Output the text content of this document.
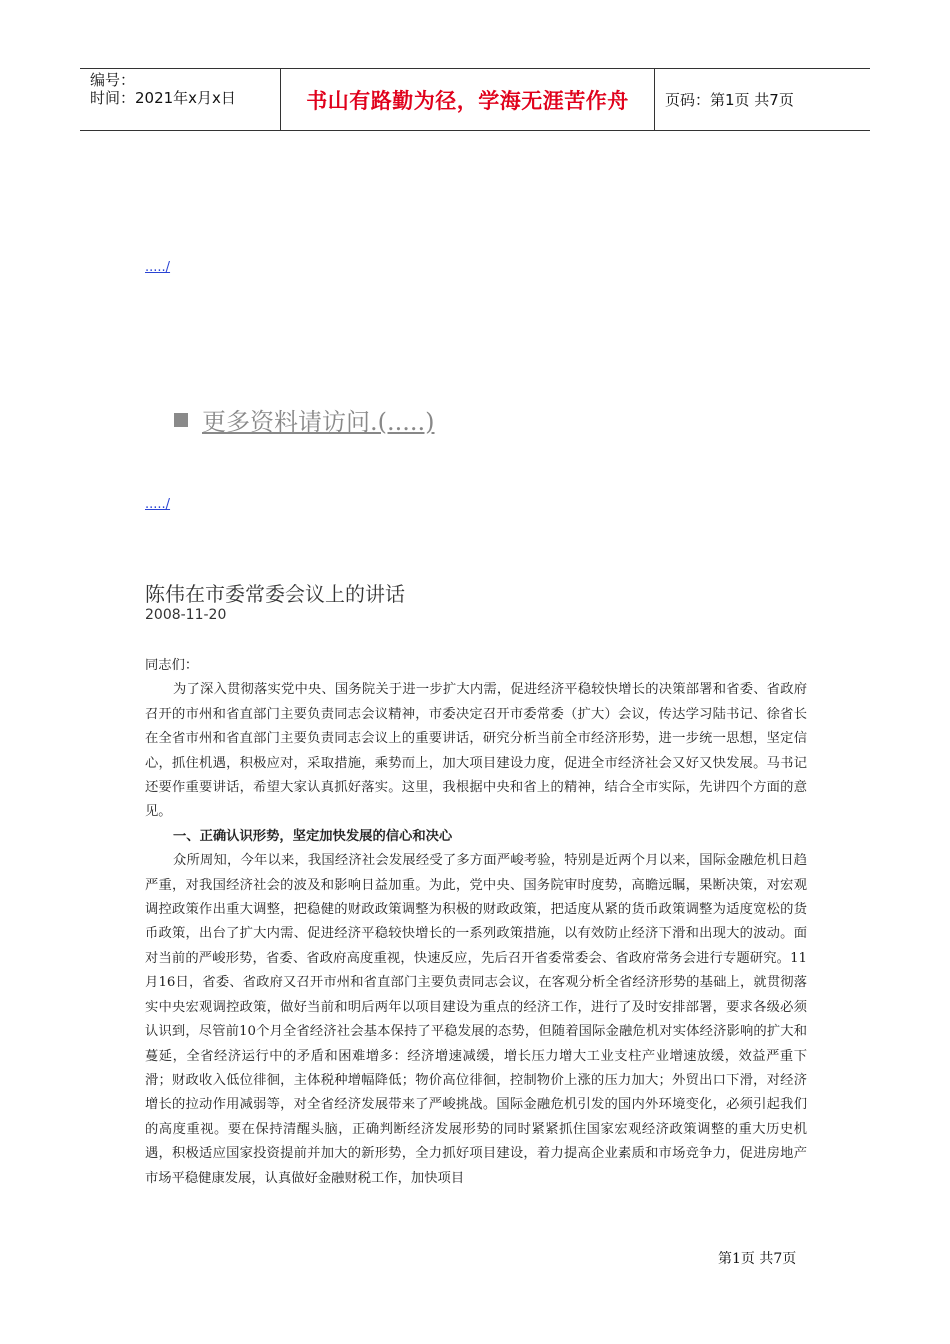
编号：
时间：2021年x月x日	书山有路勤为径，学海无涯苦作舟	页码：第1页 共7页
...../
更多资料请访问.(.....)
...../
陈伟在市委常委会议上的讲话
2008-11-20

同志们：

为了深入贯彻落实党中央、国务院关于进一步扩大内需，促进经济平稳较快增长的决策部署和省委、省政府召开的市州和省直部门主要负责同志会议精神，市委决定召开市委常委（扩大）会议，传达学习陆书记、徐省长在全省市州和省直部门主要负责同志会议上的重要讲话，研究分析当前全市经济形势，进一步统一思想，坚定信心，抓住机遇，积极应对，采取措施，乘势而上，加大项目建设力度，促进全市经济社会又好又快发展。马书记还要作重要讲话，希望大家认真抓好落实。这里，我根据中央和省上的精神，结合全市实际，先讲四个方面的意见。

一、正确认识形势，坚定加快发展的信心和决心

众所周知，今年以来，我国经济社会发展经受了多方面严峻考验，特别是近两个月以来，国际金融危机日趋严重，对我国经济社会的波及和影响日益加重。为此，党中央、国务院审时度势，高瞻远瞩，果断决策，对宏观调控政策作出重大调整，把稳健的财政政策调整为积极的财政政策，把适度从紧的货币政策调整为适度宽松的货币政策，出台了扩大内需、促进经济平稳较快增长的一系列政策措施，以有效防止经济下滑和出现大的波动。面对当前的严峻形势，省委、省政府高度重视，快速反应，先后召开省委常委会、省政府常务会进行专题研究。11月16日，省委、省政府又召开市州和省直部门主要负责同志会议，在客观分析全省经济形势的基础上，就贯彻落实中央宏观调控政策，做好当前和明后两年以项目建设为重点的经济工作，进行了及时安排部署，要求各级必须认识到，尽管前10个月全省经济社会基本保持了平稳发展的态势，但随着国际金融危机对实体经济影响的扩大和蔓延，全省经济运行中的矛盾和困难增多：经济增速减缓，增长压力增大工业支柱产业增速放缓，效益严重下滑；财政收入低位徘徊，主体税种增幅降低；物价高位徘徊，控制物价上涨的压力加大；外贸出口下滑，对经济增长的拉动作用减弱等，对全省经济发展带来了严峻挑战。国际金融危机引发的国内外环境变化，必须引起我们的高度重视。要在保持清醒头脑，正确判断经济发展形势的同时紧紧抓住国家宏观经济政策调整的重大历史机遇，积极适应国家投资提前并加大的新形势，全力抓好项目建设，着力提高企业素质和市场竞争力，促进房地产市场平稳健康发展，认真做好金融财税工作，加快项目

第1页 共7页
